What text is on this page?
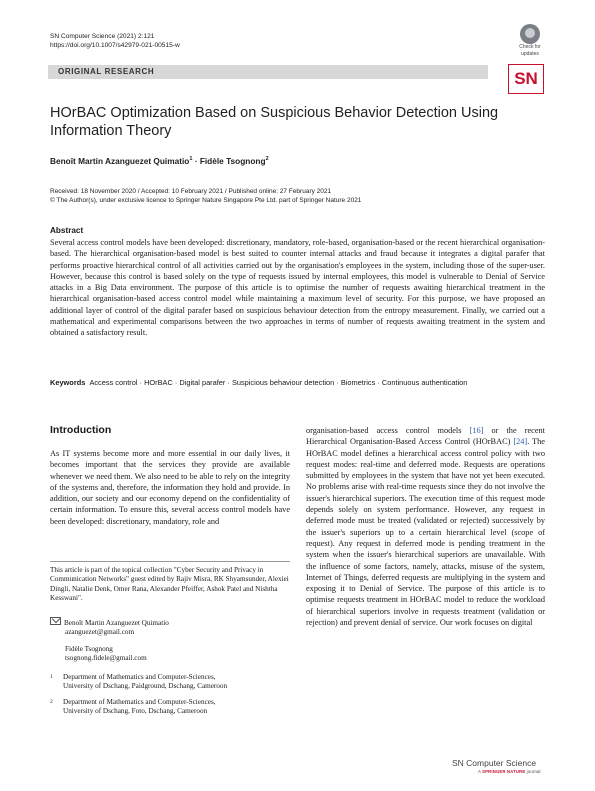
SN Computer Science (2021) 2:121
https://doi.org/10.1007/s42979-021-00515-w	Check for
updates
ORIGINAL RESEARCH	SN
HOrBAC Optimization Based on Suspicious Behavior Detection Using
Information Theory
Benoît Martin Azanguezet Quimatio$^1$ · Fidèle Tsognong$^2$
Received: 18 November 2020 / Accepted: 10 February 2021 / Published online: 27 February 2021
© The Author(s), under exclusive licence to Springer Nature Singapore Pte Ltd. part of Springer Nature 2021
Abstract
Several access control models have been developed: discretionary, mandatory, role-based, organisation-based or the recent hierarchical organisation-based. The hierarchical organisation-based model is best suited to counter internal attacks and fraud because it integrates a digital parafer that performs proactive hierarchical control of all activities carried out by the organisation's employees in the system, including those of the super-user. However, because this control is based solely on the type of requests issued by internal employees, this model is vulnerable to Denial of Service attacks in a Big Data environment. The purpose of this article is to optimise the number of requests awaiting hierarchical treatment in the hierarchical organisation-based access control model while maintaining a maximum level of security. For this purpose, we have proposed an additional layer of control of the digital parafer based on suspicious behaviour detection from the entropy measurement. Finally, we carried out a mathematical and experimental comparisons between the two approaches in terms of number of requests awaiting treatment in the system and obtained a satisfactory result.
Keywords Access control · HOrBAC · Digital parafer · Suspicious behaviour detection · Biometrics · Continuous authentication
Introduction
As IT systems become more and more essential in our daily lives, it becomes important that the services they provide are available whenever we need them. We also need to be able to rely on the integrity of the systems and, therefore, the information they hold and provide. In addition, our society and our economy depend on the confidentiality of certain information. To ensure this, several access control models have been developed: discretionary, mandatory, role and
organisation-based access control models [16] or the recent Hierarchical Organisation-Based Access Control (HOrBAC) [24]. The HOrBAC model defines a hierarchical access control policy with two request modes: real-time and deferred mode. Requests are operations submitted by employees in the system that have not yet been executed. No problems arise with real-time requests since they do not involve the issuer's hierarchical superiors. The execution time of this request mode depends solely on system performance. However, any request in deferred mode must be treated (validated or rejected) successively by the issuer's superiors up to a certain hierarchical level (scope of request). Any request in deferred mode is pending treatment in the system when the issuer's hierarchical superiors are unavailable. With the influence of some factors, namely, attacks, misuse of the system, Internet of Things, deferred requests are multiplying in the system and exposing it to Denial of Service. The purpose of this article is to optimise requests treatment in HOrBAC model to reduce the workload of hierarchical superiors involve in requests treatment (validation or rejection) and prevent denial of service. Our work focuses on digital
This article is part of the topical collection "Cyber Security and Privacy in Communication Networks" guest edited by Rajiv Misra, RK Shyamsunder, Alexiei Dingli, Natalie Denk, Omer Rana, Alexander Pfeiffer, Ashok Patel and Nishtha Kesswani".
Benoît Martin Azanguezet Quimatio
azanguezet@gmail.com
Fidèle Tsognong
tsognong.fidele@gmail.com
1 Department of Mathematics and Computer-Sciences,
University of Dschang, Paidground, Dschang, Cameroon
2 Department of Mathematics and Computer-Sciences,
University of Dschang, Foto, Dschang, Cameroon
SN Computer Science
A SPRINGER NATURE journal
